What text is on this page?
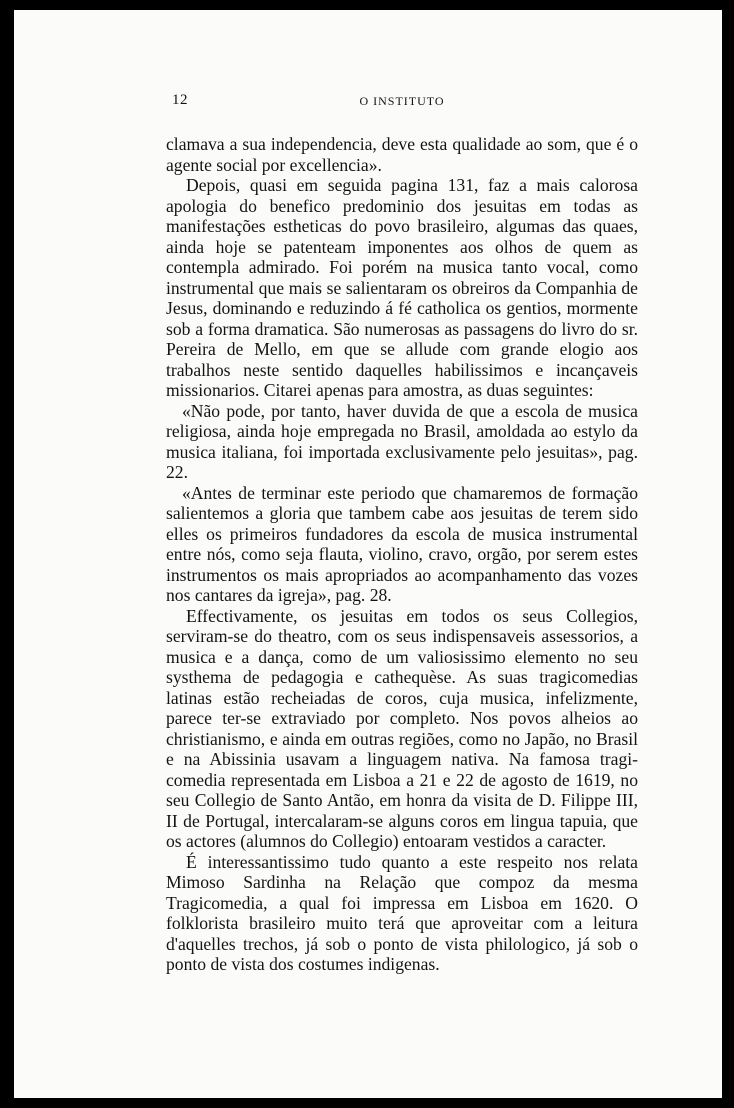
12	O INSTITUTO

clamava a sua independencia, deve esta qualidade ao som, que é o agente social por excellencia».

Depois, quasi em seguida pagina 131, faz a mais calorosa apologia do benefico predominio dos jesuitas em todas as manifestações estheticas do povo brasileiro, algumas das quaes, ainda hoje se patenteam imponentes aos olhos de quem as contempla admirado. Foi porém na musica tanto vocal, como instrumental que mais se salientaram os obreiros da Companhia de Jesus, dominando e reduzindo á fé catholica os gentios, mormente sob a forma dramatica. São numerosas as passagens do livro do sr. Pereira de Mello, em que se allude com grande elogio aos trabalhos neste sentido daquelles habilissimos e incançaveis missionarios. Citarei apenas para amostra, as duas seguintes:

«Não pode, por tanto, haver duvida de que a escola de musica religiosa, ainda hoje empregada no Brasil, amoldada ao estylo da musica italiana, foi importada exclusivamente pelo jesuitas», pag. 22.

«Antes de terminar este periodo que chamaremos de formação salientemos a gloria que tambem cabe aos jesuitas de terem sido elles os primeiros fundadores da escola de musica instrumental entre nós, como seja flauta, violino, cravo, orgão, por serem estes instrumentos os mais apropriados ao acompanhamento das vozes nos cantares da igreja», pag. 28.

Effectivamente, os jesuitas em todos os seus Collegios, serviram-se do theatro, com os seus indispensaveis assessorios, a musica e a dança, como de um valiosissimo elemento no seu systhema de pedagogia e cathequèse. As suas tragicomedias latinas estão recheiadas de coros, cuja musica, infelizmente, parece ter-se extraviado por completo. Nos povos alheios ao christianismo, e ainda em outras regiões, como no Japão, no Brasil e na Abissinia usavam a linguagem nativa. Na famosa tragi-comedia representada em Lisboa a 21 e 22 de agosto de 1619, no seu Collegio de Santo Antão, em honra da visita de D. Filippe III, II de Portugal, intercalaram-se alguns coros em lingua tapuia, que os actores (alumnos do Collegio) entoaram vestidos a caracter.

É interessantissimo tudo quanto a este respeito nos relata Mimoso Sardinha na Relação que compoz da mesma Tragicomedia, a qual foi impressa em Lisboa em 1620. O folklorista brasileiro muito terá que aproveitar com a leitura d'aquelles trechos, já sob o ponto de vista philologico, já sob o ponto de vista dos costumes indigenas.
